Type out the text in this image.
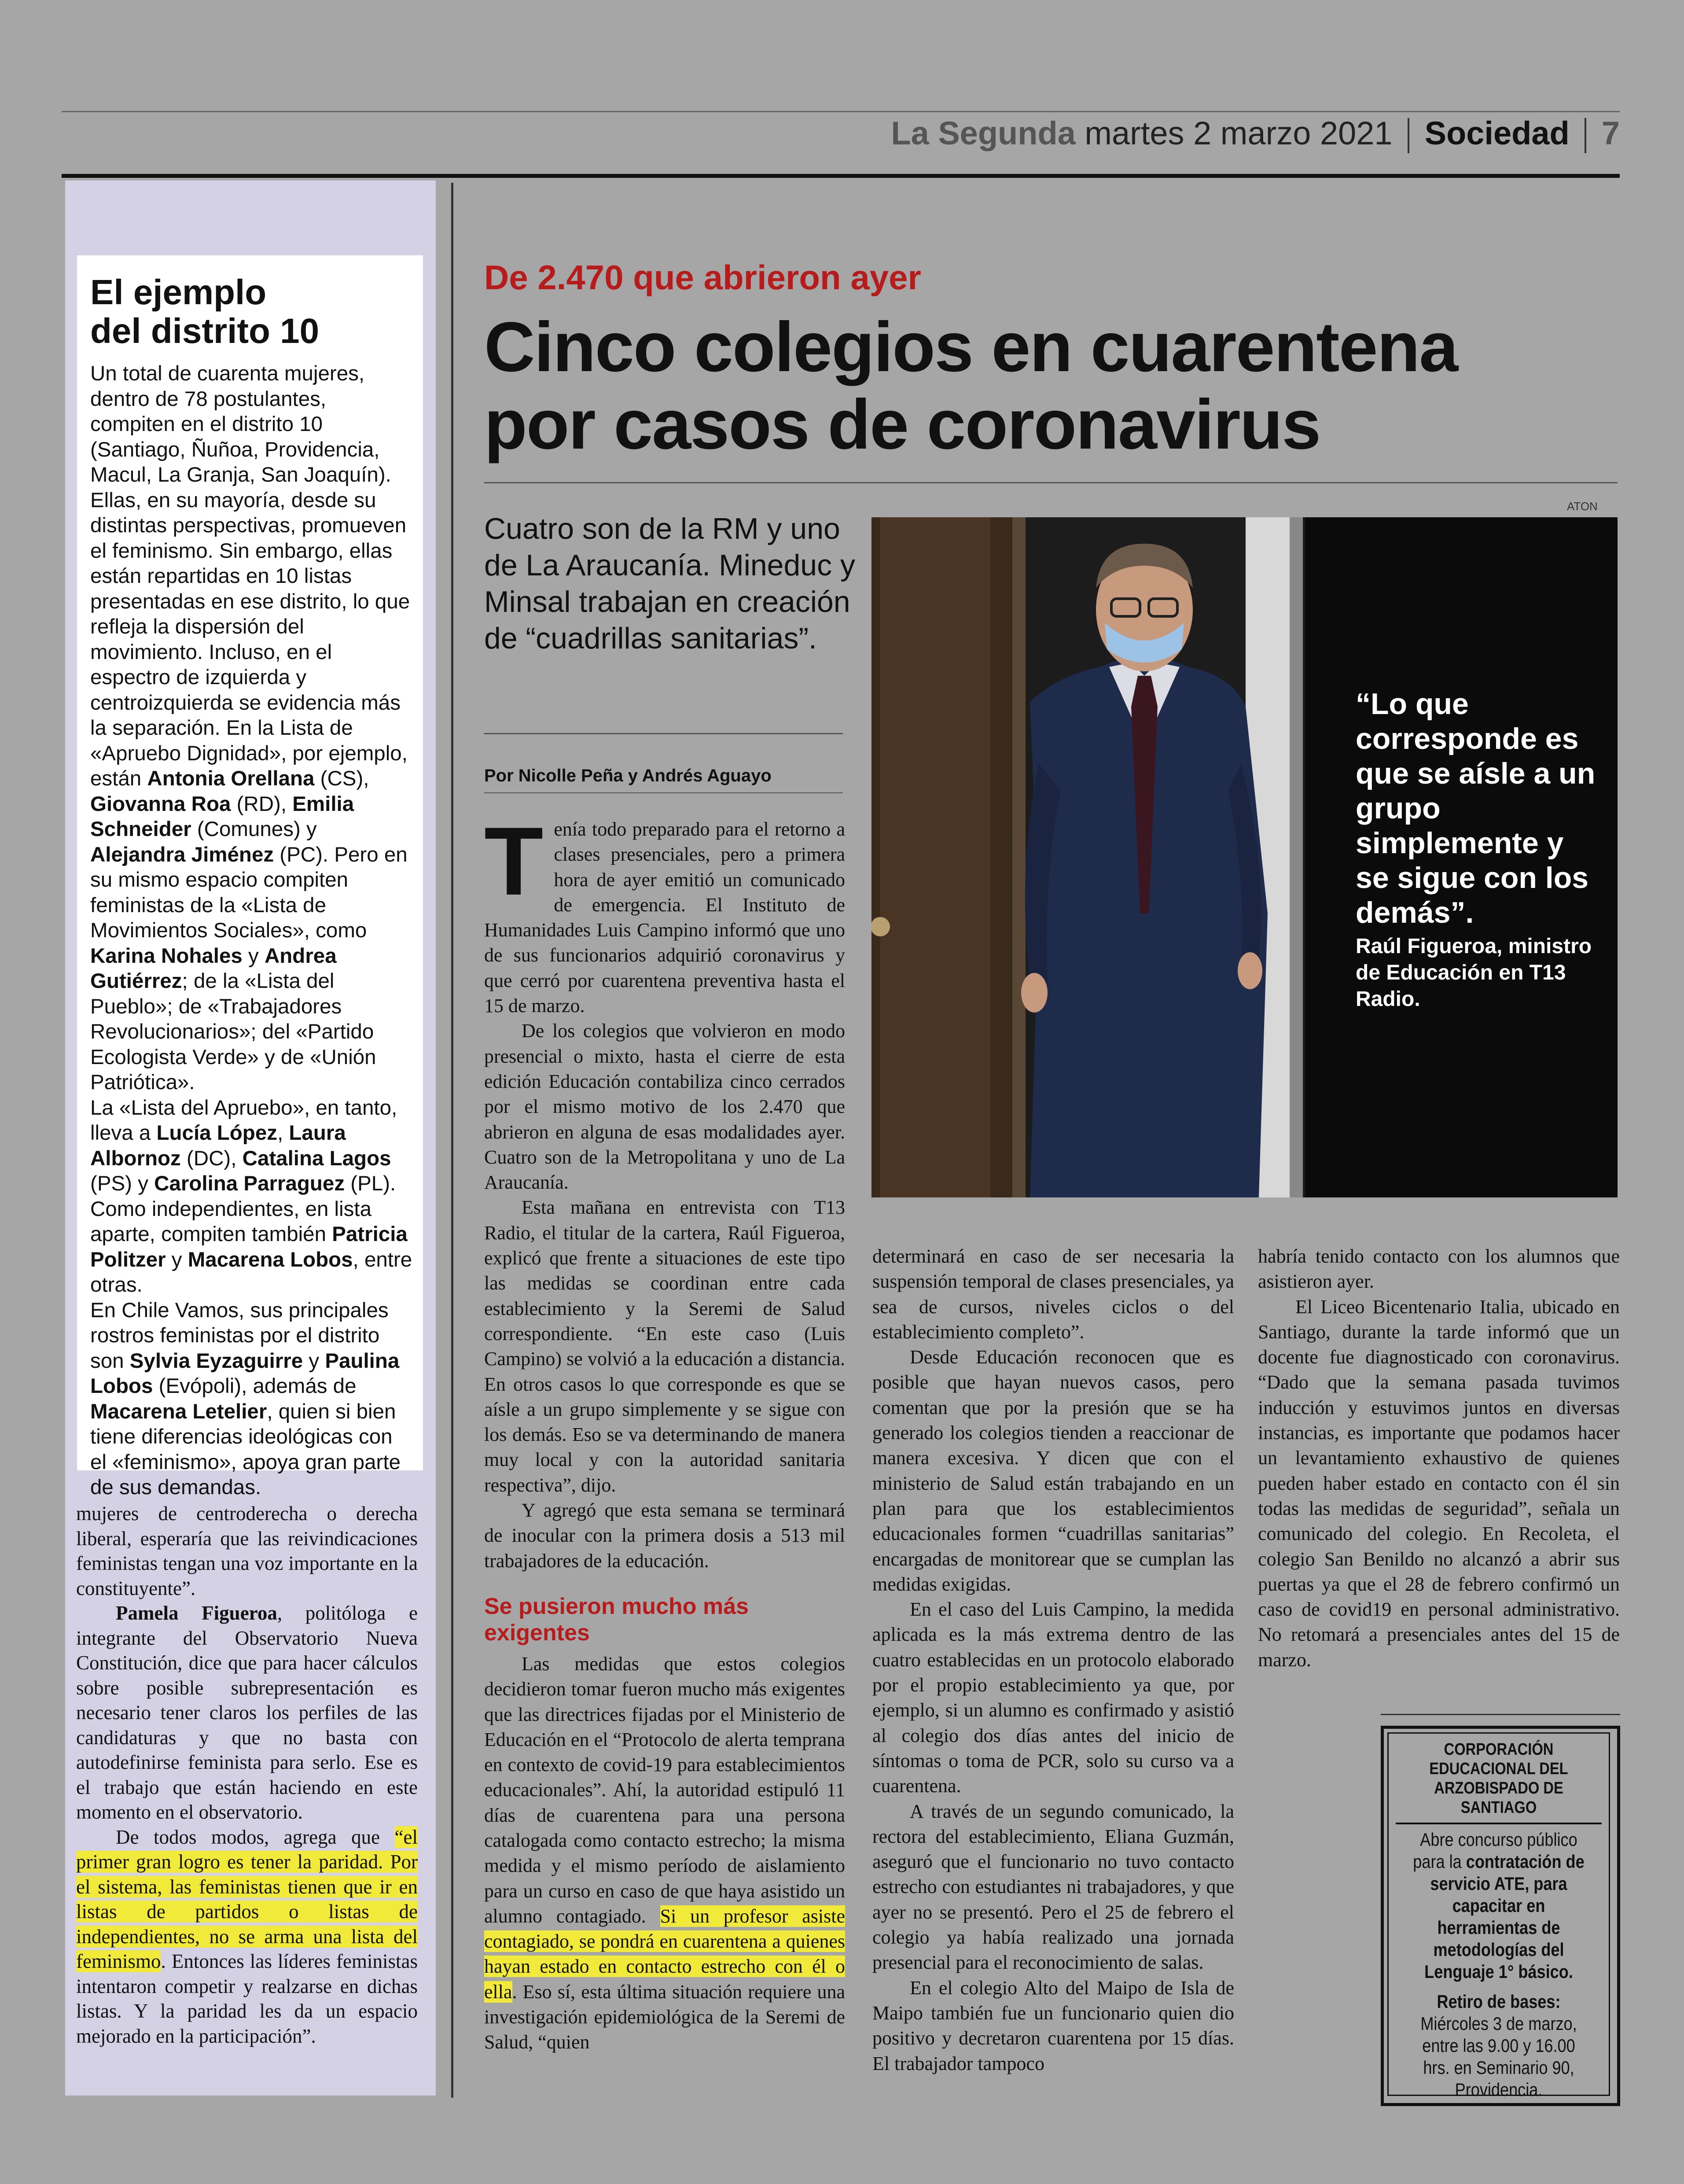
La Segunda martes 2 marzo 2021 Sociedad 7
El ejemplo
del distrito 10

Un total de cuarenta mujeres, dentro de 78 postulantes, compiten en el distrito 10 (Santiago, Ñuñoa, Providencia, Macul, La Granja, San Joaquín). Ellas, en su mayoría, desde su distintas perspectivas, promueven el feminismo. Sin embargo, ellas están repartidas en 10 listas presentadas en ese distrito, lo que refleja la dispersión del movimiento. Incluso, en el espectro de izquierda y centroizquierda se evidencia más la separación. En la Lista de «Apruebo Dignidad», por ejemplo, están Antonia Orellana (CS), Giovanna Roa (RD), Emilia Schneider (Comunes) y Alejandra Jiménez (PC). Pero en su mismo espacio compiten feministas de la «Lista de Movimientos Sociales», como Karina Nohales y Andrea Gutiérrez; de la «Lista del Pueblo»; de «Trabajadores Revolucionarios»; del «Partido Ecologista Verde» y de «Unión Patriótica».

La «Lista del Apruebo», en tanto, lleva a Lucía López, Laura Albornoz (DC), Catalina Lagos (PS) y Carolina Parraguez (PL). Como independientes, en lista aparte, compiten también Patricia Politzer y Macarena Lobos, entre otras.

En Chile Vamos, sus principales rostros feministas por el distrito son Sylvia Eyzaguirre y Paulina Lobos (Evópoli), además de Macarena Letelier, quien si bien tiene diferencias ideológicas con el «feminismo», apoya gran parte de sus demandas.

mujeres de centroderecha o derecha liberal, esperaría que las reivindicaciones feministas tengan una voz importante en la constituyente”.

Pamela Figueroa, politóloga e integrante del Observatorio Nueva Constitución, dice que para hacer cálculos sobre posible subrepresentación es necesario tener claros los perfiles de las candidaturas y que no basta con autodefinirse feminista para serlo. Ese es el trabajo que están haciendo en este momento en el observatorio.

De todos modos, agrega que “el primer gran logro es tener la paridad. Por el sistema, las feministas tienen que ir en listas de partidos o listas de independientes, no se arma una lista del feminismo. Entonces las líderes feministas intentaron competir y realzarse en dichas listas. Y la paridad les da un espacio mejorado en la participación”.

De 2.470 que abrieron ayer
Cinco colegios en cuarentena
por casos de coronavirus
ATON
Cuatro son de la RM y uno de La Araucanía. Mineduc y Minsal trabajan en creación de “cuadrillas sanitarias”.
Por Nicolle Peña y Andrés Aguayo
“Lo que corresponde es que se aísle a un grupo simplemente y se sigue con los demás”.
Raúl Figueroa, ministro de Educación en T13 Radio.
T enía todo preparado para el retorno a clases presenciales, pero a primera hora de ayer emitió un comunicado de emergencia. El Instituto de Humanidades Luis Campino informó que uno de sus funcionarios adquirió coronavirus y que cerró por cuarentena preventiva hasta el 15 de marzo.

De los colegios que volvieron en modo presencial o mixto, hasta el cierre de esta edición Educación contabiliza cinco cerrados por el mismo motivo de los 2.470 que abrieron en alguna de esas modalidades ayer. Cuatro son de la Metropolitana y uno de La Araucanía.

Esta mañana en entrevista con T13 Radio, el titular de la cartera, Raúl Figueroa, explicó que frente a situaciones de este tipo las medidas se coordinan entre cada establecimiento y la Seremi de Salud correspondiente. “En este caso (Luis Campino) se volvió a la educación a distancia. En otros casos lo que corresponde es que se aísle a un grupo simplemente y se sigue con los demás. Eso se va determinando de manera muy local y con la autoridad sanitaria respectiva”, dijo.

Y agregó que esta semana se terminará de inocular con la primera dosis a 513 mil trabajadores de la educación.

Se pusieron mucho más exigentes

Las medidas que estos colegios decidieron tomar fueron mucho más exigentes que las directrices fijadas por el Ministerio de Educación en el “Protocolo de alerta temprana en contexto de covid-19 para establecimientos educacionales”. Ahí, la autoridad estipuló 11 días de cuarentena para una persona catalogada como contacto estrecho; la misma medida y el mismo período de aislamiento para un curso en caso de que haya asistido un alumno contagiado. Si un profesor asiste contagiado, se pondrá en cuarentena a quienes hayan estado en contacto estrecho con él o ella. Eso sí, esta última situación requiere una investigación epidemiológica de la Seremi de Salud, “quien

determinará en caso de ser necesaria la suspensión temporal de clases presenciales, ya sea de cursos, niveles ciclos o del establecimiento completo”.

Desde Educación reconocen que es posible que hayan nuevos casos, pero comentan que por la presión que se ha generado los colegios tienden a reaccionar de manera excesiva. Y dicen que con el ministerio de Salud están trabajando en un plan para que los establecimientos educacionales formen “cuadrillas sanitarias” encargadas de monitorear que se cumplan las medidas exigidas.

En el caso del Luis Campino, la medida aplicada es la más extrema dentro de las cuatro establecidas en un protocolo elaborado por el propio establecimiento ya que, por ejemplo, si un alumno es confirmado y asistió al colegio dos días antes del inicio de síntomas o toma de PCR, solo su curso va a cuarentena.

A través de un segundo comunicado, la rectora del establecimiento, Eliana Guzmán, aseguró que el funcionario no tuvo contacto estrecho con estudiantes ni trabajadores, y que ayer no se presentó. Pero el 25 de febrero el colegio ya había realizado una jornada presencial para el reconocimiento de salas.

En el colegio Alto del Maipo de Isla de Maipo también fue un funcionario quien dio positivo y decretaron cuarentena por 15 días. El trabajador tampoco

habría tenido contacto con los alumnos que asistieron ayer.

El Liceo Bicentenario Italia, ubicado en Santiago, durante la tarde informó que un docente fue diagnosticado con coronavirus. “Dado que la semana pasada tuvimos inducción y estuvimos juntos en diversas instancias, es importante que podamos hacer un levantamiento exhaustivo de quienes pueden haber estado en contacto con él sin todas las medidas de seguridad”, señala un comunicado del colegio. En Recoleta, el colegio San Benildo no alcanzó a abrir sus puertas ya que el 28 de febrero confirmó un caso de covid19 en personal administrativo. No retomará a presenciales antes del 15 de marzo.

CORPORACIÓN EDUCACIONAL DEL ARZOBISPADO DE SANTIAGO
Abre concurso público para la contratación de servicio ATE, para capacitar en herramientas de metodologías del Lenguaje 1° básico.
Retiro de bases:
Miércoles 3 de marzo, entre las 9.00 y 16.00 hrs. en Seminario 90, Providencia.
